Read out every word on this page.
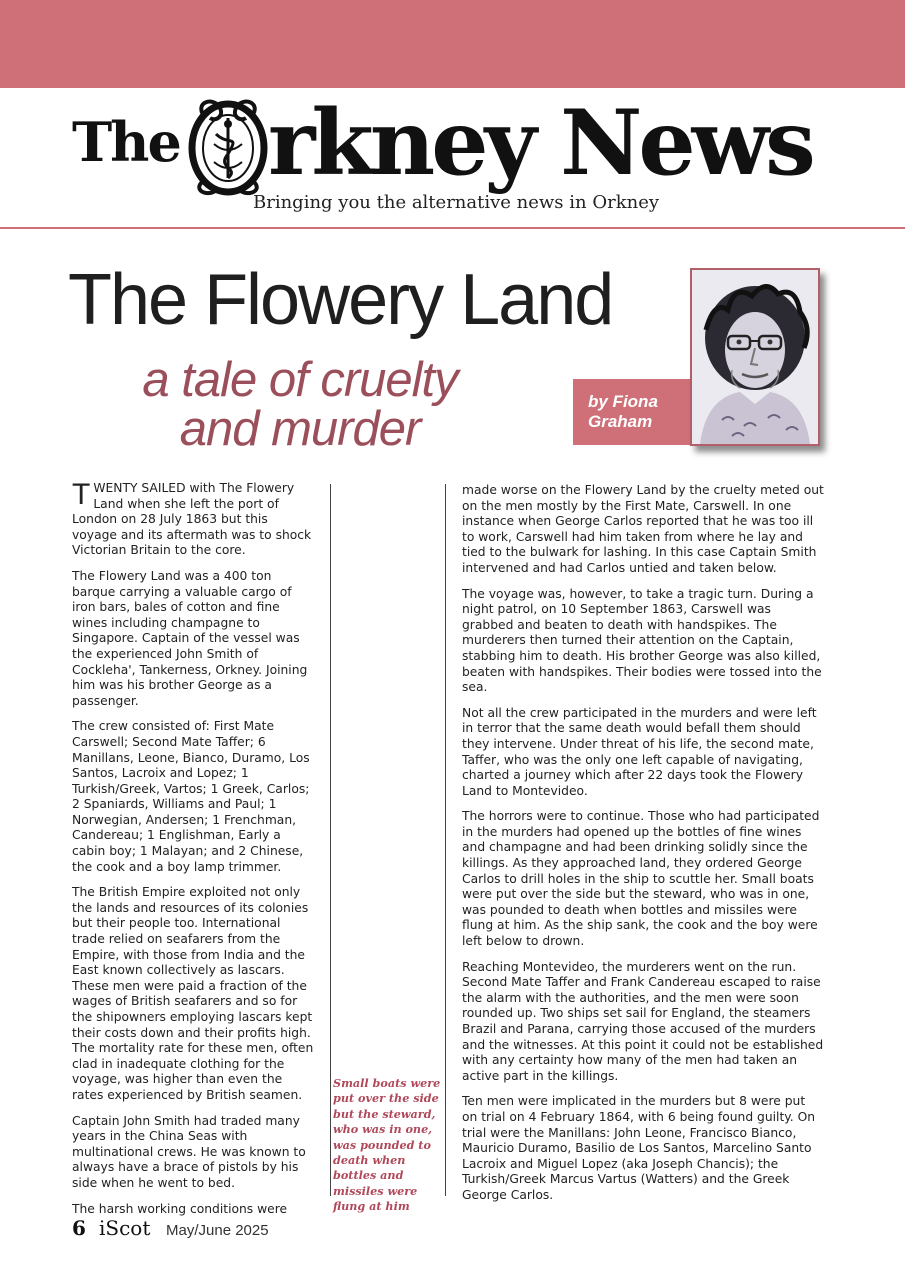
The rkney News
Bringing you the alternative news in Orkney
The Flowery Land
a tale of cruelty
and murder
by Fiona
Graham

TWENTY SAILED with The Flowery Land when she left the port of London on 28 July 1863 but this voyage and its aftermath was to shock Victorian Britain to the core.

The Flowery Land was a 400 ton barque carrying a valuable cargo of iron bars, bales of cotton and fine wines including champagne to Singapore. Captain of the vessel was the experienced John Smith of Cockleha', Tankerness, Orkney. Joining him was his brother George as a passenger.

The crew consisted of: First Mate Carswell; Second Mate Taffer; 6 Manillans, Leone, Bianco, Duramo, Los Santos, Lacroix and Lopez; 1 Turkish/Greek, Vartos; 1 Greek, Carlos; 2 Spaniards, Williams and Paul; 1 Norwegian, Andersen; 1 Frenchman, Candereau; 1 Englishman, Early a cabin boy; 1 Malayan; and 2 Chinese, the cook and a boy lamp trimmer.

The British Empire exploited not only the lands and resources of its colonies but their people too. International trade relied on seafarers from the Empire, with those from India and the East known collectively as lascars. These men were paid a fraction of the wages of British seafarers and so for the shipowners employing lascars kept their costs down and their profits high. The mortality rate for these men, often clad in inadequate clothing for the voyage, was higher than even the rates experienced by British seamen.

Captain John Smith had traded many years in the China Seas with multinational crews. He was known to always have a brace of pistols by his side when he went to bed.

The harsh working conditions were

Small boats were put over the side but the steward, who was in one, was pounded to death when bottles and missiles were flung at him

made worse on the Flowery Land by the cruelty meted out on the men mostly by the First Mate, Carswell. In one instance when George Carlos reported that he was too ill to work, Carswell had him taken from where he lay and tied to the bulwark for lashing. In this case Captain Smith intervened and had Carlos untied and taken below.

The voyage was, however, to take a tragic turn. During a night patrol, on 10 September 1863, Carswell was grabbed and beaten to death with handspikes. The murderers then turned their attention on the Captain, stabbing him to death. His brother George was also killed, beaten with handspikes. Their bodies were tossed into the sea.

Not all the crew participated in the murders and were left in terror that the same death would befall them should they intervene. Under threat of his life, the second mate, Taffer, who was the only one left capable of navigating, charted a journey which after 22 days took the Flowery Land to Montevideo.

The horrors were to continue. Those who had participated in the murders had opened up the bottles of fine wines and champagne and had been drinking solidly since the killings. As they approached land, they ordered George Carlos to drill holes in the ship to scuttle her. Small boats were put over the side but the steward, who was in one, was pounded to death when bottles and missiles were flung at him. As the ship sank, the cook and the boy were left below to drown.

Reaching Montevideo, the murderers went on the run. Second Mate Taffer and Frank Candereau escaped to raise the alarm with the authorities, and the men were soon rounded up. Two ships set sail for England, the steamers Brazil and Parana, carrying those accused of the murders and the witnesses. At this point it could not be established with any certainty how many of the men had taken an active part in the killings.

Ten men were implicated in the murders but 8 were put on trial on 4 February 1864, with 6 being found guilty. On trial were the Manillans: John Leone, Francisco Bianco, Mauricio Duramo, Basilio de Los Santos, Marcelino Santo Lacroix and Miguel Lopez (aka Joseph Chancis); the Turkish/Greek Marcus Vartus (Watters) and the Greek George Carlos.

6 iScot May/June 2025
